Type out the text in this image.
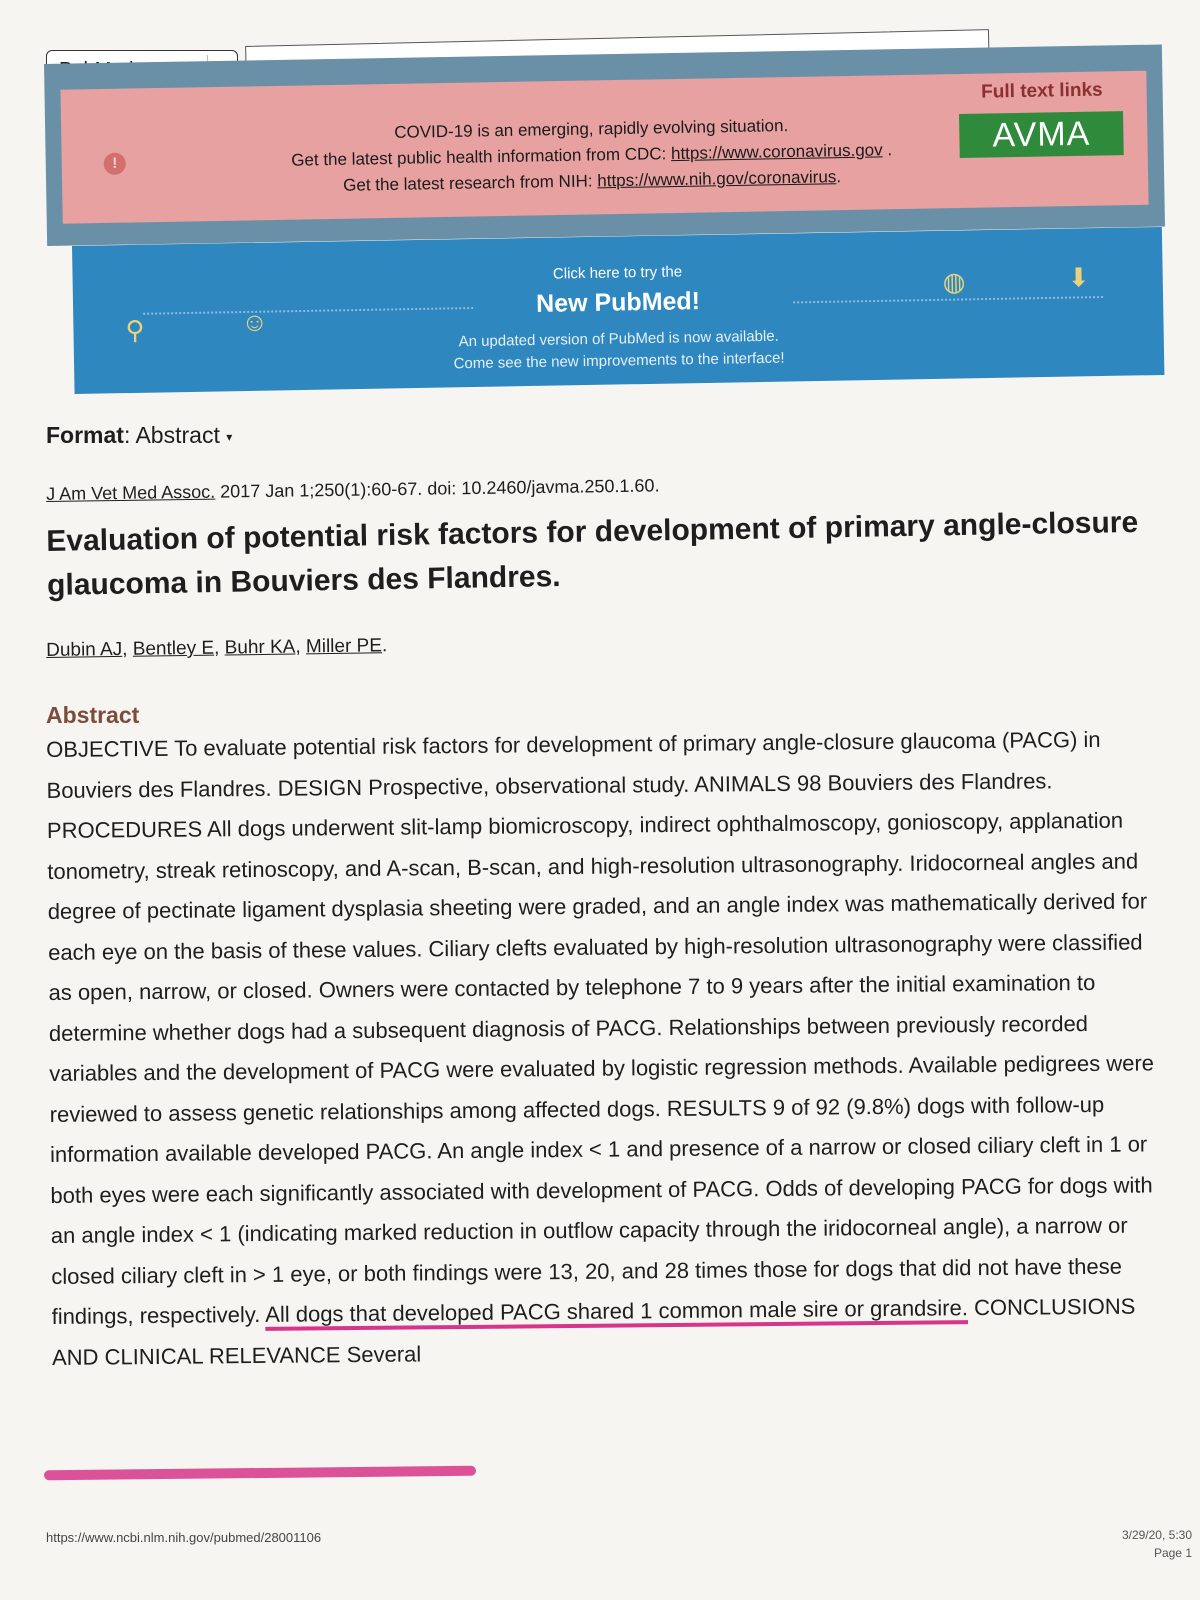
!
COVID-19 is an emerging, rapidly evolving situation.
Get the latest public health information from CDC: https://www.coronavirus.gov .
Get the latest research from NIH: https://www.nih.gov/coronavirus.
Full text links
AVMA
Click here to try the
New PubMed!
An updated version of PubMed is now available.
Come see the new improvements to the interface!
⚲	☺
◍	⬇
Format: Abstract ▾
J Am Vet Med Assoc. 2017 Jan 1;250(1):60-67. doi: 10.2460/javma.250.1.60.
Evaluation of potential risk factors for development of primary angle-closure glaucoma in Bouviers des Flandres.
Dubin AJ, Bentley E, Buhr KA, Miller PE.
Abstract
OBJECTIVE To evaluate potential risk factors for development of primary angle-closure glaucoma (PACG) in Bouviers des Flandres. DESIGN Prospective, observational study. ANIMALS 98 Bouviers des Flandres. PROCEDURES All dogs underwent slit-lamp biomicroscopy, indirect ophthalmoscopy, gonioscopy, applanation tonometry, streak retinoscopy, and A-scan, B-scan, and high-resolution ultrasonography. Iridocorneal angles and degree of pectinate ligament dysplasia sheeting were graded, and an angle index was mathematically derived for each eye on the basis of these values. Ciliary clefts evaluated by high-resolution ultrasonography were classified as open, narrow, or closed. Owners were contacted by telephone 7 to 9 years after the initial examination to determine whether dogs had a subsequent diagnosis of PACG. Relationships between previously recorded variables and the development of PACG were evaluated by logistic regression methods. Available pedigrees were reviewed to assess genetic relationships among affected dogs. RESULTS 9 of 92 (9.8%) dogs with follow-up information available developed PACG. An angle index < 1 and presence of a narrow or closed ciliary cleft in 1 or both eyes were each significantly associated with development of PACG. Odds of developing PACG for dogs with an angle index < 1 (indicating marked reduction in outflow capacity through the iridocorneal angle), a narrow or closed ciliary cleft in > 1 eye, or both findings were 13, 20, and 28 times those for dogs that did not have these findings, respectively. All dogs that developed PACG shared 1 common male sire or grandsire. CONCLUSIONS AND CLINICAL RELEVANCE Several
https://www.ncbi.nlm.nih.gov/pubmed/28001106	3/29/20, 5:30
Page 1
